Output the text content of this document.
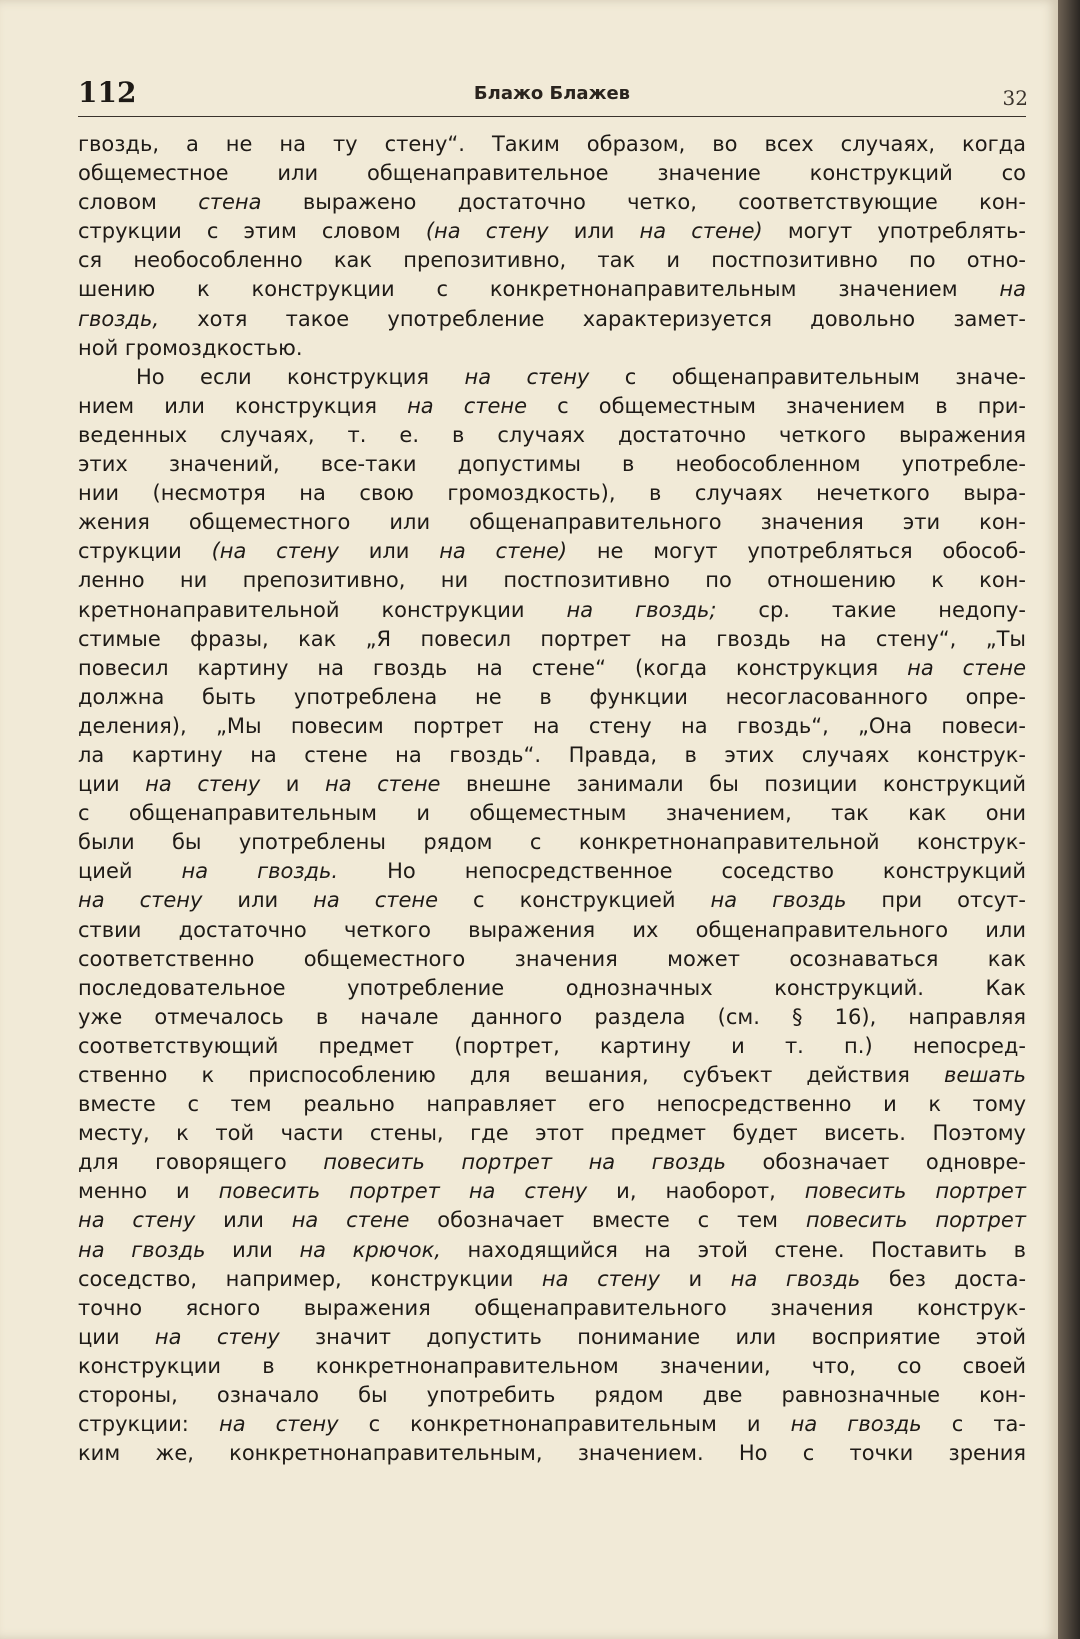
112	Блажо Блажев	32
гвоздь, а не на ту стену“. Таким образом, во всех случаях, когда
общеместное или общенаправительное значение конструкций со
словом стена выражено достаточно четко, соответствующие кон-
струкции с этим словом (на стену или на стене) могут употреблять-
ся необособленно как препозитивно, так и постпозитивно по отно-
шению к конструкции с конкретнонаправительным значением на
гвоздь, хотя такое употребление характеризуется довольно замет-
ной громоздкостью.
Но если конструкция на стену с общенаправительным значе-
нием или конструкция на стене с общеместным значением в при-
веденных случаях, т. е. в случаях достаточно четкого выражения
этих значений, все-таки допустимы в необособленном употребле-
нии (несмотря на свою громоздкость), в случаях нечеткого выра-
жения общеместного или общенаправительного значения эти кон-
струкции (на стену или на стене) не могут употребляться обособ-
ленно ни препозитивно, ни постпозитивно по отношению к кон-
кретнонаправительной конструкции на гвоздь; ср. такие недопу-
стимые фразы, как „Я повесил портрет на гвоздь на стену“, „Ты
повесил картину на гвоздь на стене“ (когда конструкция на стене
должна быть употреблена не в функции несогласованного опре-
деления), „Мы повесим портрет на стену на гвоздь“, „Она повеси-
ла картину на стене на гвоздь“. Правда, в этих случаях конструк-
ции на стену и на стене внешне занимали бы позиции конструкций
с общенаправительным и общеместным значением, так как они
были бы употреблены рядом с конкретнонаправительной конструк-
цией на гвоздь. Но непосредственное соседство конструкций
на стену или на стене с конструкцией на гвоздь при отсут-
ствии достаточно четкого выражения их общенаправительного или
соответственно общеместного значения может осознаваться как
последовательное употребление однозначных конструкций. Как
уже отмечалось в начале данного раздела (см. § 16), направляя
соответствующий предмет (портрет, картину и т. п.) непосред-
ственно к приспособлению для вешания, субъект действия вешать
вместе с тем реально направляет его непосредственно и к тому
месту, к той части стены, где этот предмет будет висеть. Поэтому
для говорящего повесить портрет на гвоздь обозначает одновре-
менно и повесить портрет на стену и, наоборот, повесить портрет
на стену или на стене обозначает вместе с тем повесить портрет
на гвоздь или на крючок, находящийся на этой стене. Поставить в
соседство, например, конструкции на стену и на гвоздь без доста-
точно ясного выражения общенаправительного значения конструк-
ции на стену значит допустить понимание или восприятие этой
конструкции в конкретнонаправительном значении, что, со своей
стороны, означало бы употребить рядом две равнозначные кон-
струкции: на стену с конкретнонаправительным и на гвоздь с та-
ким же, конкретнонаправительным, значением. Но с точки зрения
